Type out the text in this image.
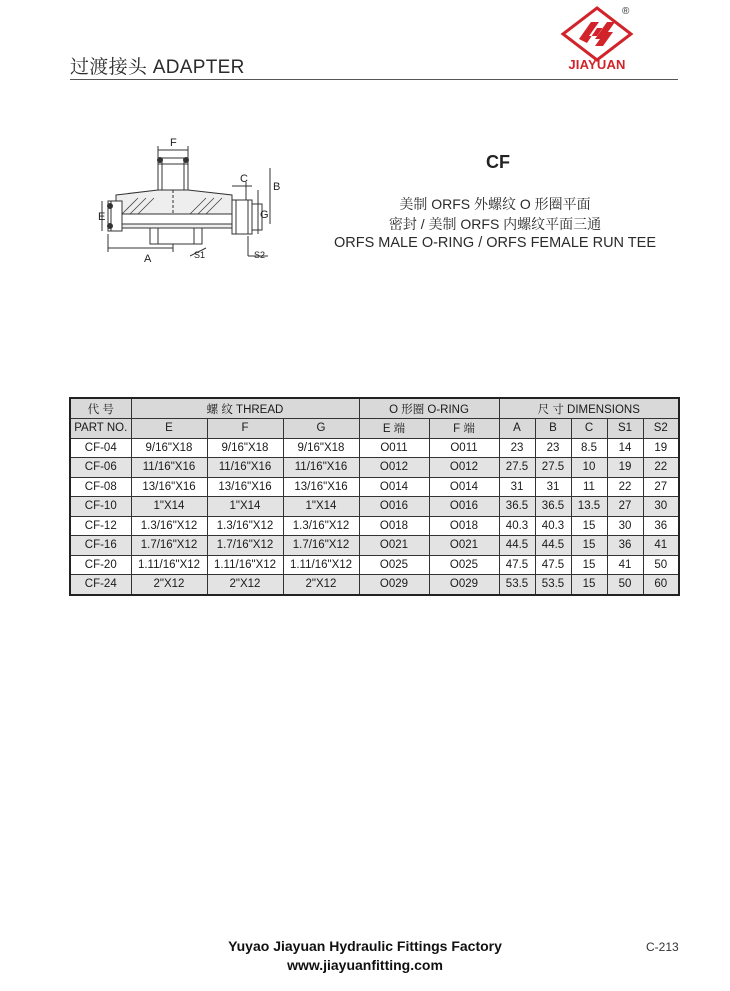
过渡接头 ADAPTER
®
JIAYUAN
F
C
B
E	G
A	S1	S2
CF
美制 ORFS 外螺纹 O 形圈平面
密封 / 美制 ORFS 内螺纹平面三通
ORFS MALE O-RING / ORFS FEMALE RUN TEE
代 号	螺 纹 THREAD			O 形圈 O-RING		尺 寸 DIMENSIONS				
PART NO.	E	F	G	E 端	F 端	A	B	C	S1	S2
CF-04	9/16"X18	9/16"X18	9/16"X18	O011	O011	23	23	8.5	14	19
CF-06	11/16"X16	11/16"X16	11/16"X16	O012	O012	27.5	27.5	10	19	22
CF-08	13/16"X16	13/16"X16	13/16"X16	O014	O014	31	31	11	22	27
CF-10	1"X14	1"X14	1"X14	O016	O016	36.5	36.5	13.5	27	30
CF-12	1.3/16"X12	1.3/16"X12	1.3/16"X12	O018	O018	40.3	40.3	15	30	36
CF-16	1.7/16"X12	1.7/16"X12	1.7/16"X12	O021	O021	44.5	44.5	15	36	41
CF-20	1.11/16"X12	1.11/16"X12	1.11/16"X12	O025	O025	47.5	47.5	15	41	50
CF-24	2"X12	2"X12	2"X12	O029	O029	53.5	53.5	15	50	60
Yuyao Jiayuan Hydraulic Fittings Factory
www.jiayuanfitting.com
C-213
